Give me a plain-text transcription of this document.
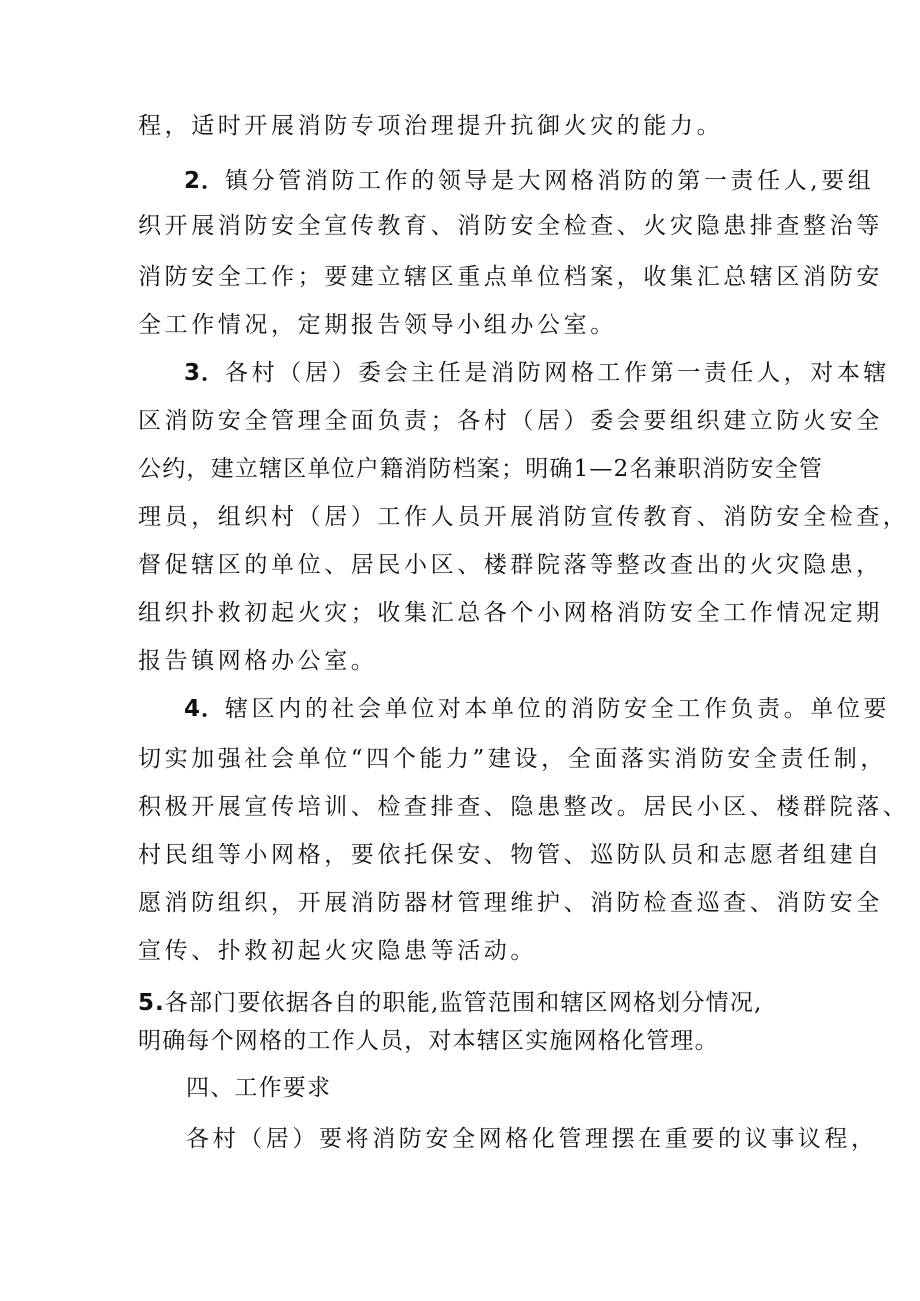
程，适时开展消防专项治理提升抗御火灾的能力。
2．镇分管消防工作的领导是大网格消防的第一责任人,要组
织开展消防安全宣传教育、消防安全检查、火灾隐患排查整治等
消防安全工作；要建立辖区重点单位档案，收集汇总辖区消防安
全工作情况，定期报告领导小组办公室。
3．各村（居）委会主任是消防网格工作第一责任人，对本辖
区消防安全管理全面负责；各村（居）委会要组织建立防火安全
公约，建立辖区单位户籍消防档案；明确1—2名兼职消防安全管
理员，组织村（居）工作人员开展消防宣传教育、消防安全检查，
督促辖区的单位、居民小区、楼群院落等整改查出的火灾隐患，
组织扑救初起火灾；收集汇总各个小网格消防安全工作情况定期
报告镇网格办公室。
4．辖区内的社会单位对本单位的消防安全工作负责。单位要
切实加强社会单位“四个能力”建设，全面落实消防安全责任制，
积极开展宣传培训、检查排查、隐患整改。居民小区、楼群院落、
村民组等小网格，要依托保安、物管、巡防队员和志愿者组建自
愿消防组织，开展消防器材管理维护、消防检查巡查、消防安全
宣传、扑救初起火灾隐患等活动。
5.各部门要依据各自的职能,监管范围和辖区网格划分情况,
明确每个网格的工作人员，对本辖区实施网格化管理。
四、工作要求
各村（居）要将消防安全网格化管理摆在重要的议事议程，
